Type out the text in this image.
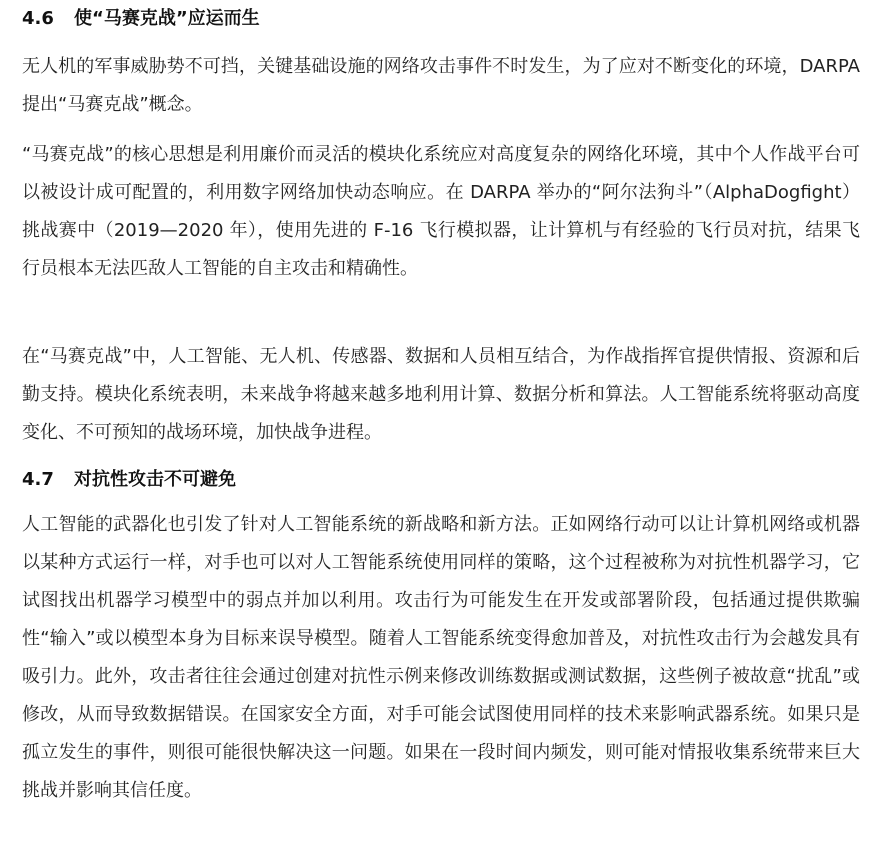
4.6 使“马赛克战”应运而生
无人机的军事威胁势不可挡，关键基础设施的网络攻击事件不时发生，为了应对不断变化的环境，DARPA 提出“马赛克战”概念。
“马赛克战”的核心思想是利用廉价而灵活的模块化系统应对高度复杂的网络化环境，其中个人作战平台可以被设计成可配置的，利用数字网络加快动态响应。在 DARPA 举办的“阿尔法狗斗”（AlphaDogfight）挑战赛中（2019—2020 年），使用先进的 F-16 飞行模拟器，让计算机与有经验的飞行员对抗，结果飞行员根本无法匹敌人工智能的自主攻击和精确性。
在“马赛克战”中，人工智能、无人机、传感器、数据和人员相互结合，为作战指挥官提供情报、资源和后勤支持。模块化系统表明，未来战争将越来越多地利用计算、数据分析和算法。人工智能系统将驱动高度变化、不可预知的战场环境，加快战争进程。
4.7 对抗性攻击不可避免
人工智能的武器化也引发了针对人工智能系统的新战略和新方法。正如网络行动可以让计算机网络或机器以某种方式运行一样，对手也可以对人工智能系统使用同样的策略，这个过程被称为对抗性机器学习，它试图找出机器学习模型中的弱点并加以利用。攻击行为可能发生在开发或部署阶段，包括通过提供欺骗性“输入”或以模型本身为目标来误导模型。随着人工智能系统变得愈加普及，对抗性攻击行为会越发具有吸引力。此外，攻击者往往会通过创建对抗性示例来修改训练数据或测试数据，这些例子被故意“扰乱”或修改，从而导致数据错误。在国家安全方面，对手可能会试图使用同样的技术来影响武器系统。如果只是孤立发生的事件，则很可能很快解决这一问题。如果在一段时间内频发，则可能对情报收集系统带来巨大挑战并影响其信任度。
